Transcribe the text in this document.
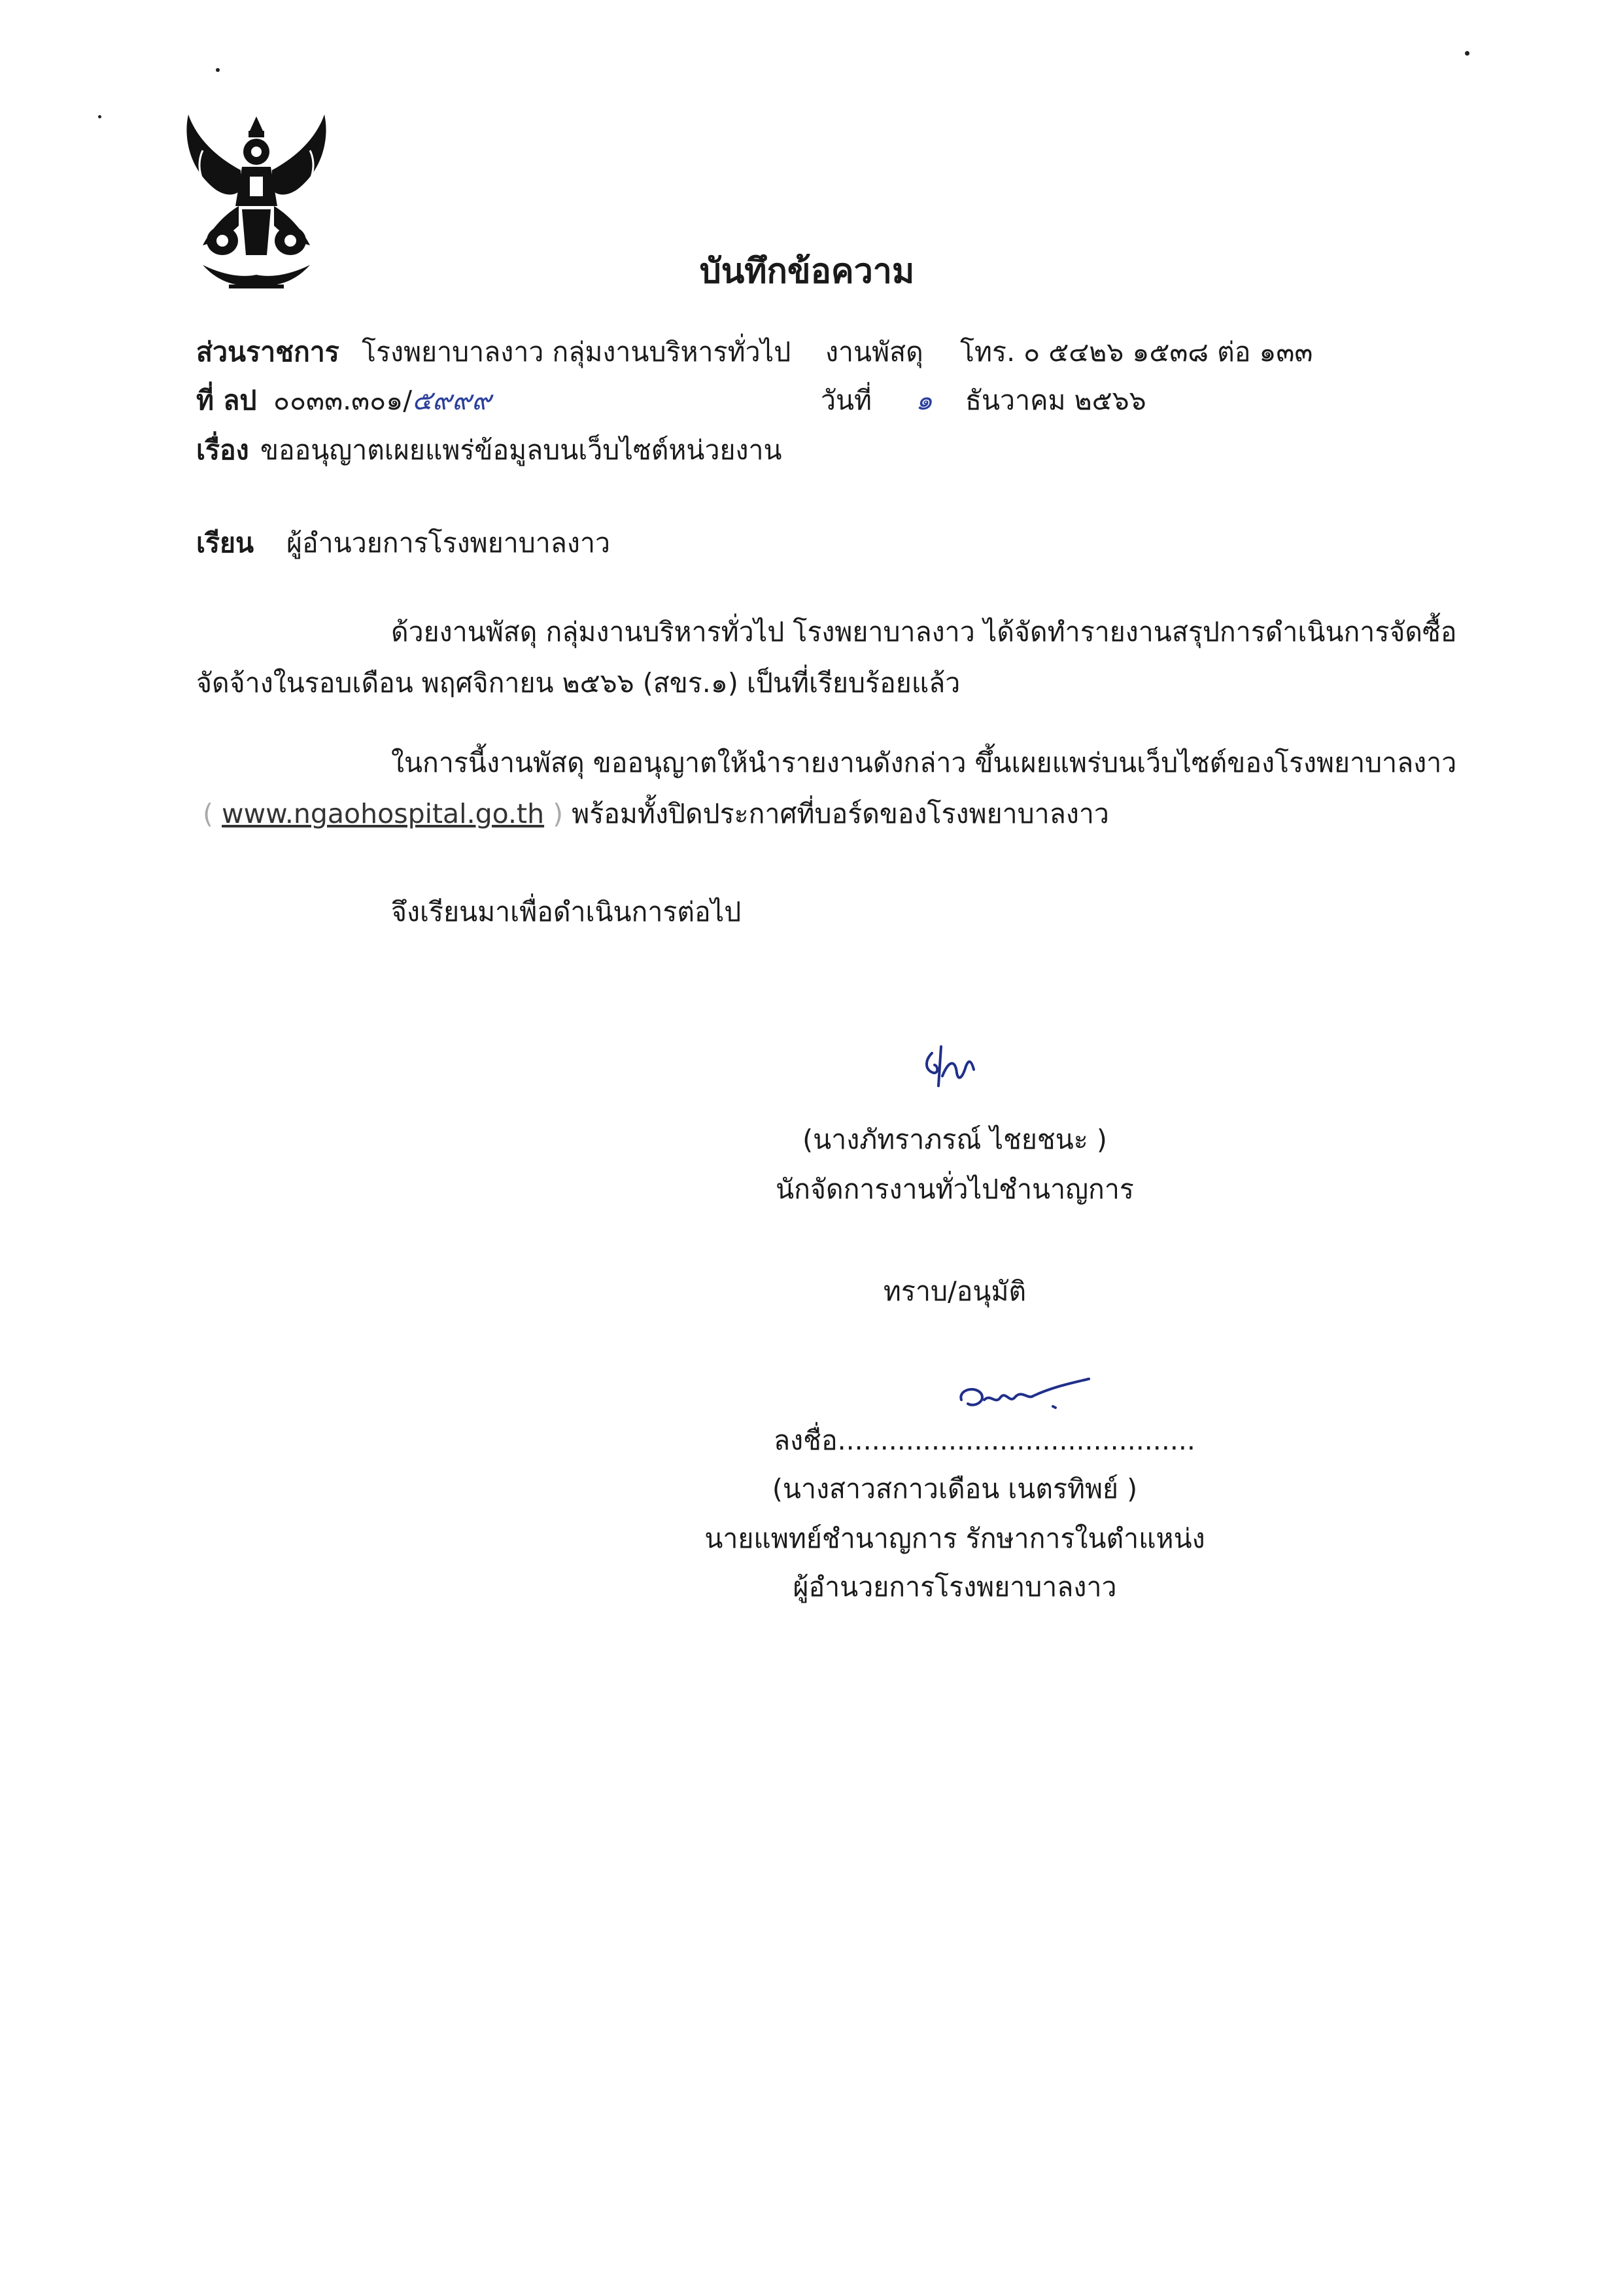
บันทึกข้อความ
ส่วนราชการ โรงพยาบาลงาว กลุ่มงานบริหารทั่วไป งานพัสดุ โทร. ๐ ๕๔๒๖ ๑๕๓๘ ต่อ ๑๓๓
ที่ ลป ๐๐๓๓.๓๐๑/๕๙๙๙	วันที่ ๑ ธันวาคม ๒๕๖๖
เรื่อง ขออนุญาตเผยแพร่ข้อมูลบนเว็บไซต์หน่วยงาน
เรียน ผู้อำนวยการโรงพยาบาลงาว
ด้วยงานพัสดุ กลุ่มงานบริหารทั่วไป โรงพยาบาลงาว ได้จัดทำรายงานสรุปการดำเนินการจัดซื้อ
จัดจ้างในรอบเดือน พฤศจิกายน ๒๕๖๖ (สขร.๑) เป็นที่เรียบร้อยแล้ว
ในการนี้งานพัสดุ ขออนุญาตให้นำรายงานดังกล่าว ขึ้นเผยแพร่บนเว็บไซต์ของโรงพยาบาลงาว
( www.ngaohospital.go.th ) พร้อมทั้งปิดประกาศที่บอร์ดของโรงพยาบาลงาว
จึงเรียนมาเพื่อดำเนินการต่อไป
(นางภัทราภรณ์ ไชยชนะ )
นักจัดการงานทั่วไปชำนาญการ
ทราบ/อนุมัติ
ลงชื่อ..........................................
(นางสาวสกาวเดือน เนตรทิพย์ )
นายแพทย์ชำนาญการ รักษาการในตำแหน่ง
ผู้อำนวยการโรงพยาบาลงาว
